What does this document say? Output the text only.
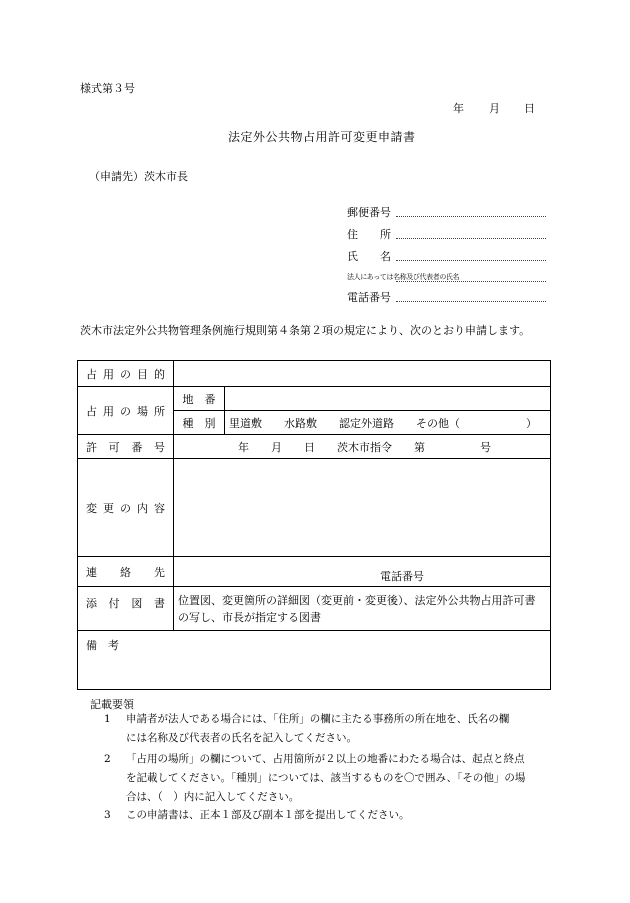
様式第３号
年 月 日
法定外公共物占用許可変更申請書
（申請先）茨木市長
郵便番号
住　　所
氏　　名
法人にあっては名称及び代表者の氏名
電話番号
茨木市法定外公共物管理条例施行規則第４条第２項の規定により、次のとおり申請します。
占用の目的		
占用の場所	地　番	
	種　別	里道敷　　水路敷　　認定外道路　　その他（　　　　　　）
許可番号	年　　月　　日　　茨木市指令　　第　　　　　号	
変更の内容		
連絡先	電話番号	
添付図書	位置図、変更箇所の詳細図（変更前・変更後）、法定外公共物占用許可書の写し、市長が指定する図書	
備　考		
記載要領
1 申請者が法人である場合には、「住所」の欄に主たる事務所の所在地を、氏名の欄
には名称及び代表者の氏名を記入してください。
2 「占用の場所」の欄について、占用箇所が２以上の地番にわたる場合は、起点と終点
を記載してください。「種別」については、該当するものを〇で囲み、「その他」の場
合は、（　）内に記入してください。
3 この申請書は、正本１部及び副本１部を提出してください。
